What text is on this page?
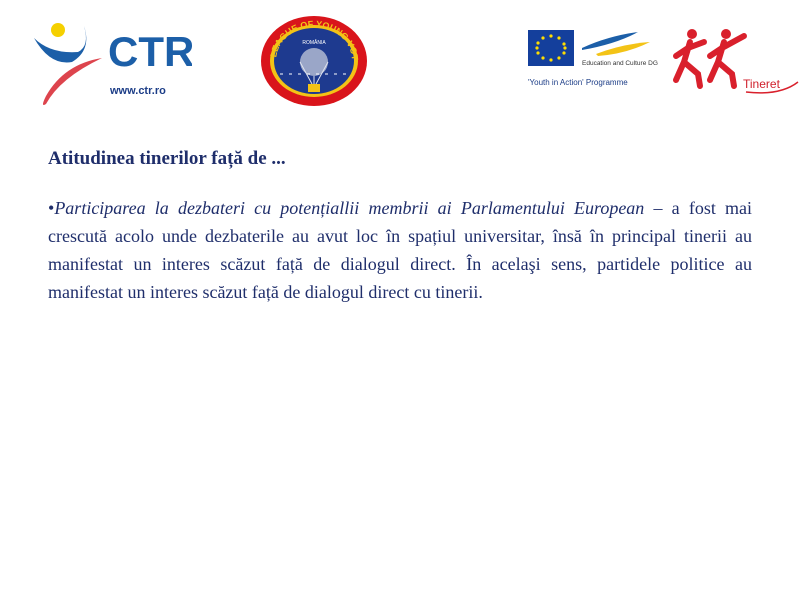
CTR
www.ctr.ro
LEAGUE OF YOUNG VOT
ROMÂNIA
Education and Culture DG
'Youth in Action' Programme	Tineret
Atitudinea tinerilor față de ...

•Participarea la dezbateri cu potențiallii membrii ai Parlamentului European – a fost mai crescută acolo unde dezbaterile au avut loc în spațiul universitar, însă în principal tinerii au manifestat un interes scăzut față de dialogul direct. În acelaşi sens, partidele politice au manifestat un interes scăzut față de dialogul direct cu tinerii.
